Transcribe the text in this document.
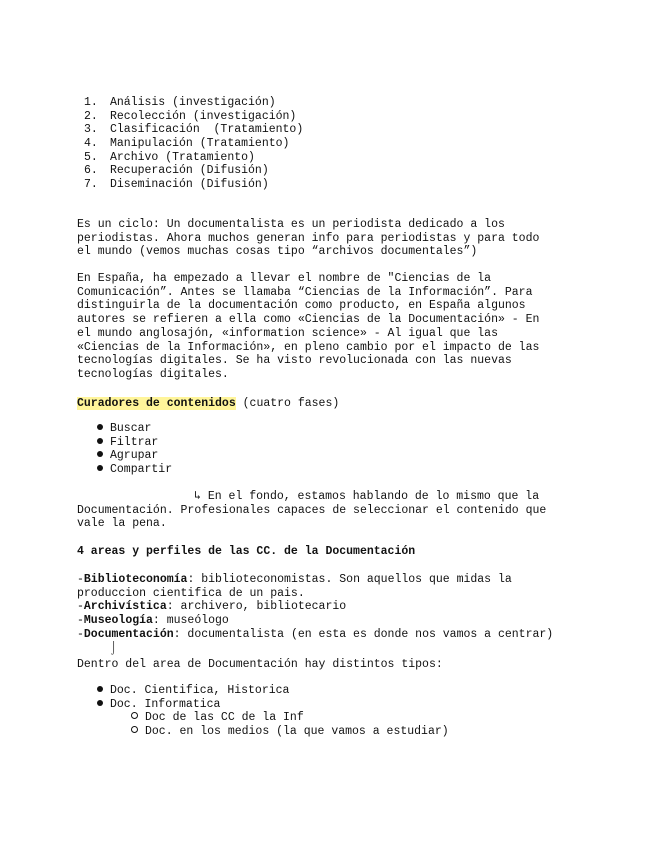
1. Análisis (investigación)
2. Recolección (investigación)
3. Clasificación  (Tratamiento)
4. Manipulación (Tratamiento)
5. Archivo (Tratamiento)
6. Recuperación (Difusión)
7. Diseminación (Difusión)
Es un ciclo: Un documentalista es un periodista dedicado a los
periodistas. Ahora muchos generan info para periodistas y para todo
el mundo (vemos muchas cosas tipo “archivos documentales”)
En España, ha empezado a llevar el nombre de "Ciencias de la
Comunicación”. Antes se llamaba “Ciencias de la Información”. Para
distinguirla de la documentación como producto, en España algunos
autores se refieren a ella como «Ciencias de la Documentación» - En
el mundo anglosajón, «information science» - Al igual que las
«Ciencias de la Información», en pleno cambio por el impacto de las
tecnologías digitales. Se ha visto revolucionada con las nuevas
tecnologías digitales.
Curadores de contenidos (cuatro fases)
Buscar
Filtrar
Agrupar
Compartir
↳ En el fondo, estamos hablando de lo mismo que la
Documentación. Profesionales capaces de seleccionar el contenido que
vale la pena.
4 areas y perfiles de las CC. de la Documentación
-Biblioteconomía: biblioteconomistas. Son aquellos que midas la
produccion cientifica de un pais.
-Archivística: archivero, bibliotecario
-Museología: museólogo
-Documentación: documentalista (en esta es donde nos vamos a centrar)
⌡
Dentro del area de Documentación hay distintos tipos:
Doc. Cientifica, Historica
Doc. Informatica
Doc de las CC de la Inf
Doc. en los medios (la que vamos a estudiar)
